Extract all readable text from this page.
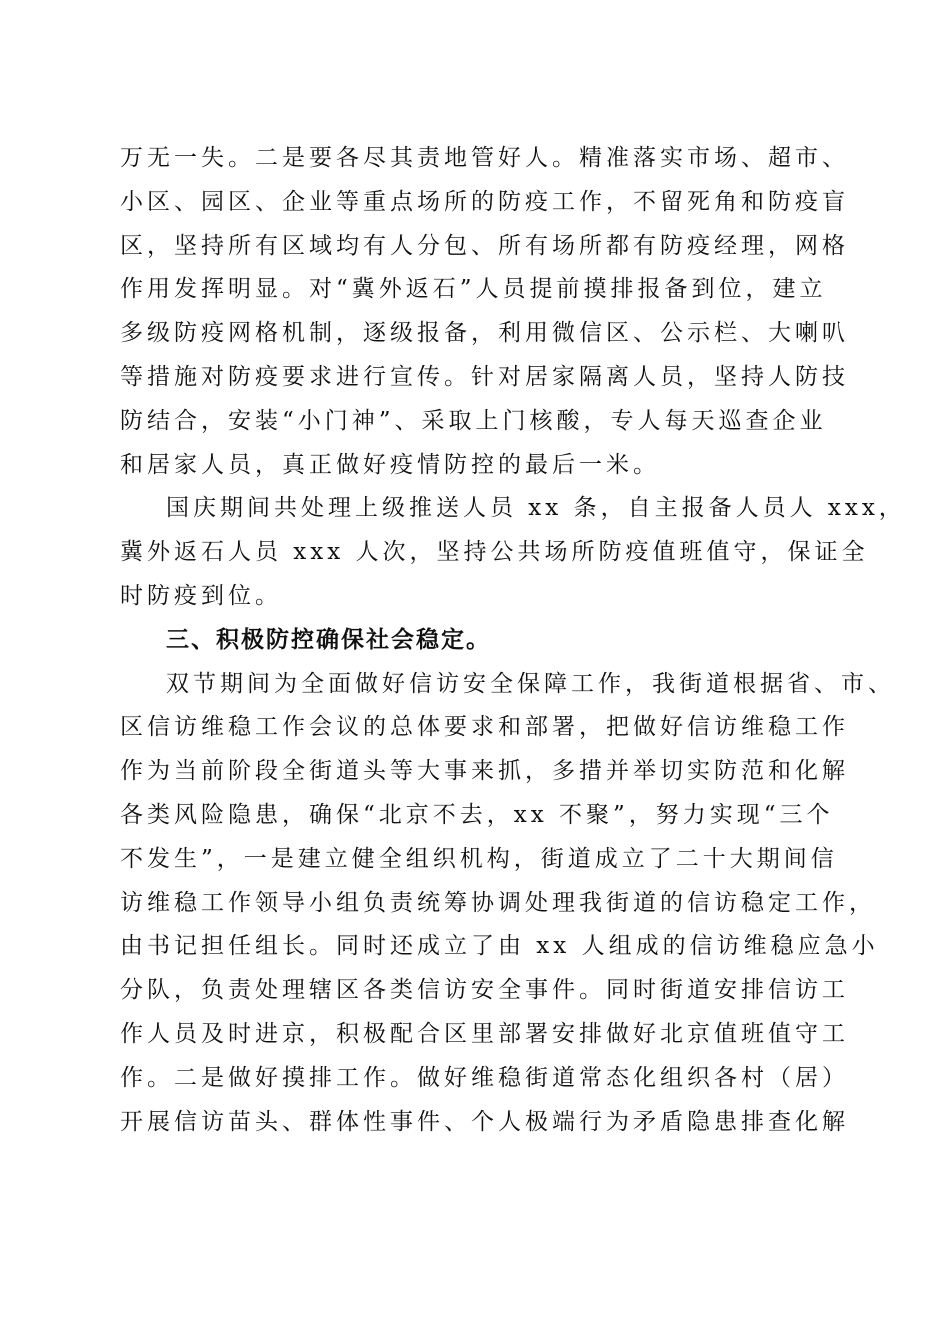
万无一失。二是要各尽其责地管好人。精准落实市场、超市、
小区、园区、企业等重点场所的防疫工作，不留死角和防疫盲
区，坚持所有区域均有人分包、所有场所都有防疫经理，网格
作用发挥明显。对“冀外返石”人员提前摸排报备到位，建立
多级防疫网格机制，逐级报备，利用微信区、公示栏、大喇叭
等措施对防疫要求进行宣传。针对居家隔离人员，坚持人防技
防结合，安装“小门神”、采取上门核酸，专人每天巡查企业
和居家人员，真正做好疫情防控的最后一米。
国庆期间共处理上级推送人员 xx 条，自主报备人员人 xxx，
冀外返石人员 xxx 人次，坚持公共场所防疫值班值守，保证全
时防疫到位。
三、积极防控确保社会稳定。
双节期间为全面做好信访安全保障工作，我街道根据省、市、
区信访维稳工作会议的总体要求和部署，把做好信访维稳工作
作为当前阶段全街道头等大事来抓，多措并举切实防范和化解
各类风险隐患，确保“北京不去，xx 不聚”，努力实现“三个
不发生”，一是建立健全组织机构，街道成立了二十大期间信
访维稳工作领导小组负责统筹协调处理我街道的信访稳定工作，
由书记担任组长。同时还成立了由 xx 人组成的信访维稳应急小
分队，负责处理辖区各类信访安全事件。同时街道安排信访工
作人员及时进京，积极配合区里部署安排做好北京值班值守工
作。二是做好摸排工作。做好维稳街道常态化组织各村（居）
开展信访苗头、群体性事件、个人极端行为矛盾隐患排查化解
